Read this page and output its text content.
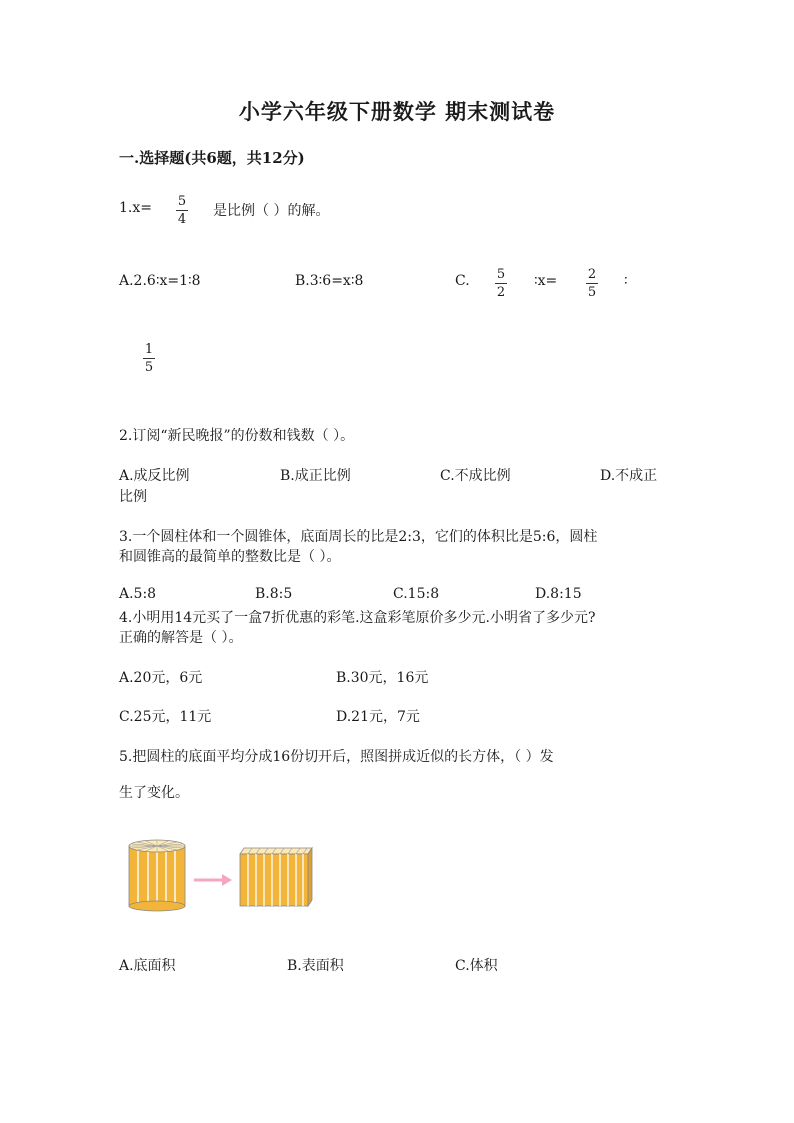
小学六年级下册数学 期末测试卷
一.选择题(共6题，共12分)
1.x= 5
4
是比例（ ）的解。
A.2.6∶x=1∶8	B.3∶6=x∶8	C. 5
2
∶x= 2
5
∶
1
5
2.订阅“新民晚报”的份数和钱数（ ）。
A.成反比例	B.成正比例	C.不成比例	D.不成正
比例
3.一个圆柱体和一个圆锥体，底面周长的比是2:3，它们的体积比是5:6，圆柱
和圆锥高的最简单的整数比是（ ）。
A.5:8	B.8:5	C.15:8	D.8:15
4.小明用14元买了一盒7折优惠的彩笔.这盒彩笔原价多少元.小明省了多少元?
正确的解答是（ ）。
A.20元，6元	B.30元，16元
C.25元，11元	D.21元，7元
5.把圆柱的底面平均分成16份切开后，照图拼成近似的长方体，（ ）发
生了变化。
A.底面积	B.表面积	C.体积
